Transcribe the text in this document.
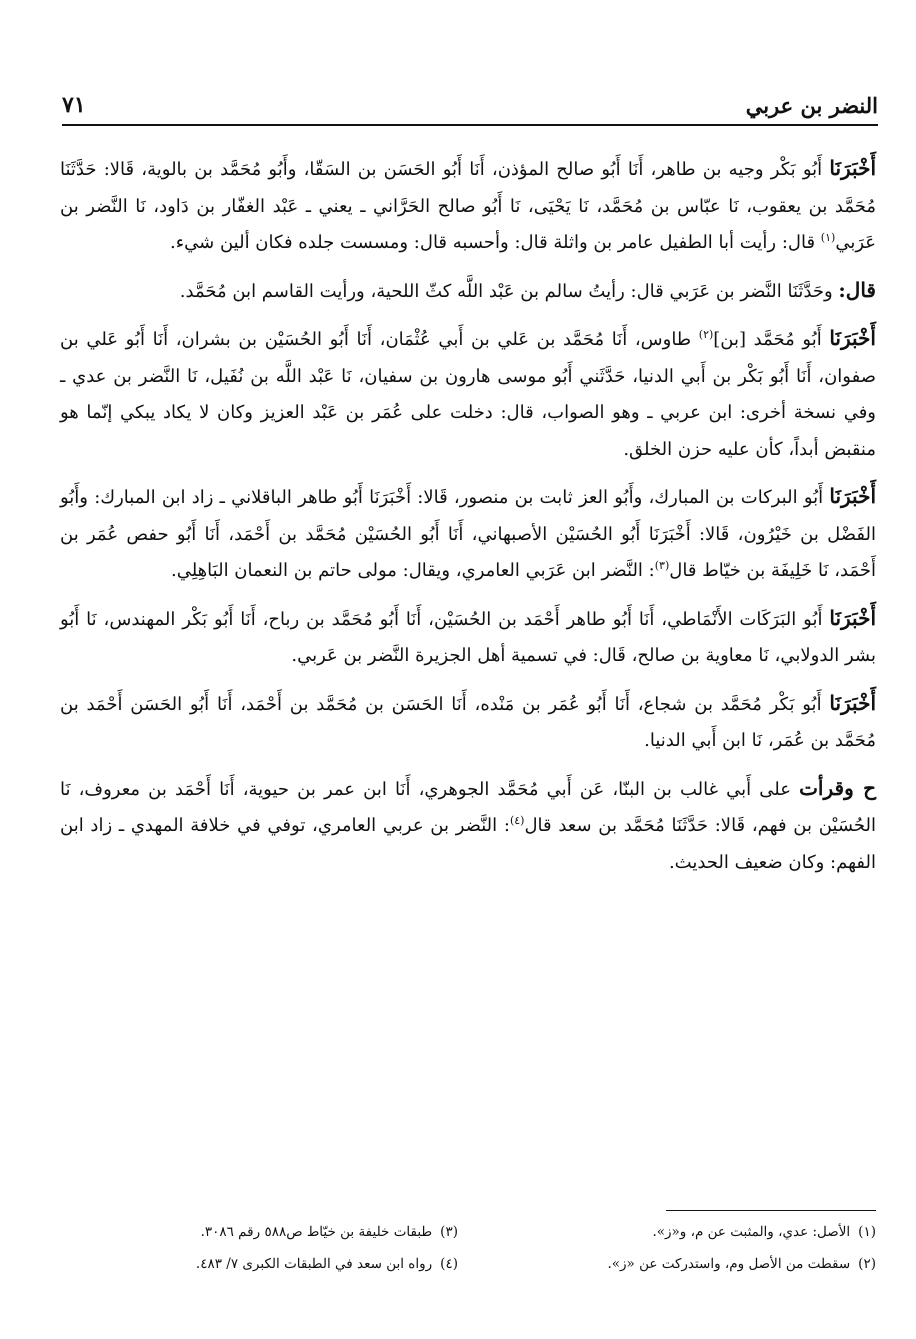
النضر بن عربي
٧١

أَخْبَرَنَا أَبُو بَكْر وجيه بن طاهر، أَنَا أَبُو صالح المؤذن، أَنَا أَبُو الحَسَن بن السَقّا، وأَبُو مُحَمَّد بن بالوية، قَالا: حَدَّثَنَا مُحَمَّد بن يعقوب، نَا عبّاس بن مُحَمَّد، نَا يَحْيَى، نَا أَبُو صالح الحَرَّاني ـ يعني ـ عَبْد الغفّار بن دَاود، نَا النَّضر بن عَرَبي$^{(١)}$ قال: رأيت أبا الطفيل عامر بن واثلة قال: وأحسبه قال: ومسست جلده فكان ألين شيء.

قال: وحَدَّثَنَا النَّضر بن عَرَبي قال: رأيتُ سالم بن عَبْد اللَّه كثّ اللحية، ورأيت القاسم ابن مُحَمَّد.

أَخْبَرَنَا أَبُو مُحَمَّد [بن]$^{(٢)}$ طاوس، أَنَا مُحَمَّد بن عَلي بن أَبي عُثْمَان، أَنَا أَبُو الحُسَيْن بن بشران، أَنَا أَبُو عَلي بن صفوان، أَنَا أَبُو بَكْر بن أَبي الدنيا، حَدَّثَني أَبُو موسى هارون بن سفيان، نَا عَبْد اللَّه بن نُفَيل، نَا النَّضر بن عدي ـ وفي نسخة أخرى: ابن عربي ـ وهو الصواب، قال: دخلت على عُمَر بن عَبْد العزيز وكان لا يكاد يبكي إنّما هو منقبض أبداً، كأن عليه حزن الخلق.

أَخْبَرَنَا أَبُو البركات بن المبارك، وأَبُو العز ثابت بن منصور، قَالا: أَخْبَرَنَا أَبُو طاهر الباقلاني ـ زاد ابن المبارك: وأَبُو الفَضْل بن خَيْرُون، قَالا: أَخْبَرَنَا أَبُو الحُسَيْن الأصبهاني، أَنَا أَبُو الحُسَيْن مُحَمَّد بن أَحْمَد، أَنَا أَبُو حفص عُمَر بن أَحْمَد، نَا خَلِيفَة بن خيّاط قال$^{(٣)}$: النَّضر ابن عَرَبي العامري، ويقال: مولى حاتم بن النعمان البَاهِلِي.

أَخْبَرَنَا أَبُو البَرَكَات الأَنْمَاطي، أَنَا أَبُو طاهر أَحْمَد بن الحُسَيْن، أَنَا أَبُو مُحَمَّد بن رباح، أَنَا أَبُو بَكْر المهندس، نَا أَبُو بشر الدولابي، نَا معاوية بن صالح، قَال: في تسمية أهل الجزيرة النَّضر بن عَربي.

أَخْبَرَنَا أَبُو بَكْر مُحَمَّد بن شجاع، أَنَا أَبُو عُمَر بن مَنْده، أَنَا الحَسَن بن مُحَمَّد بن أَحْمَد، أَنَا أَبُو الحَسَن أَحْمَد بن مُحَمَّد بن عُمَر، نَا ابن أَبي الدنيا.

ح وقرأت على أَبي غالب بن البنّا، عَن أَبي مُحَمَّد الجوهري، أَنَا ابن عمر بن حيوية، أَنَا أَحْمَد بن معروف، نَا الحُسَيْن بن فهم، قَالا: حَدَّثَنَا مُحَمَّد بن سعد قال$^{(٤)}$: النَّضر بن عربي العامري، توفي في خلافة المهدي ـ زاد ابن الفهم: وكان ضعيف الحديث.

(١)الأصل: عدي، والمثبت عن م، و«ز».
(٣)طبقات خليفة بن خيّاط ص٥٨٨ رقم ٣٠٨٦.
(٢)سقطت من الأصل وم، واستدركت عن «ز».
(٤)رواه ابن سعد في الطبقات الكبرى ٧/ ٤٨٣.
